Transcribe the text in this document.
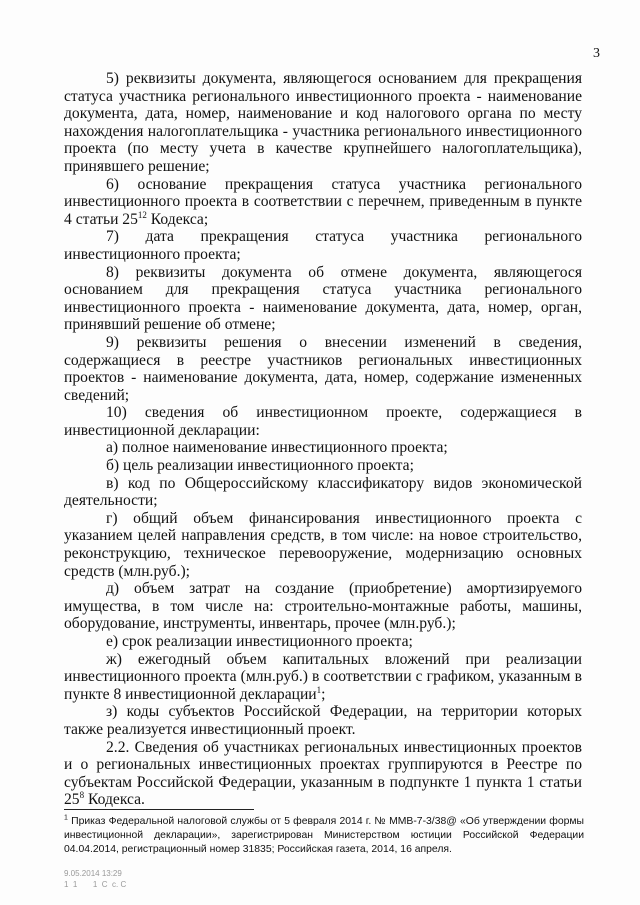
3

5) реквизиты документа, являющегося основанием для прекращения статуса участника регионального инвестиционного проекта - наименование документа, дата, номер, наименование и код налогового органа по месту нахождения налогоплательщика - участника регионального инвестиционного проекта (по месту учета в качестве крупнейшего налогоплательщика), принявшего решение;

6) основание прекращения статуса участника регионального инвестиционного проекта в соответствии с перечнем, приведенным в пункте 4 статьи $25^{12}$ Кодекса;

7) дата прекращения статуса участника регионального инвестиционного проекта;

8) реквизиты документа об отмене документа, являющегося основанием для прекращения статуса участника регионального инвестиционного проекта - наименование документа, дата, номер, орган, принявший решение об отмене;

9) реквизиты решения о внесении изменений в сведения, содержащиеся в реестре участников региональных инвестиционных проектов - наименование документа, дата, номер, содержание измененных сведений;

10) сведения об инвестиционном проекте, содержащиеся в инвестиционной декларации:

а) полное наименование инвестиционного проекта;

б) цель реализации инвестиционного проекта;

в) код по Общероссийскому классификатору видов экономической деятельности;

г) общий объем финансирования инвестиционного проекта с указанием целей направления средств, в том числе: на новое строительство, реконструкцию, техническое перевооружение, модернизацию основных средств (млн.руб.);

д) объем затрат на создание (приобретение) амортизируемого имущества, в том числе на: строительно-монтажные работы, машины, оборудование, инструменты, инвентарь, прочее (млн.руб.);

е) срок реализации инвестиционного проекта;

ж) ежегодный объем капитальных вложений при реализации инвестиционного проекта (млн.руб.) в соответствии с графиком, указанным в пункте 8 инвестиционной декларации$^1$;

з) коды субъектов Российской Федерации, на территории которых также реализуется инвестиционный проект.

2.2. Сведения об участниках региональных инвестиционных проектов и о региональных инвестиционных проектах группируются в Реестре по субъектам Российской Федерации, указанным в подпункте 1 пункта 1 статьи $25^8$ Кодекса.

$^1$ Приказ Федеральной налоговой службы от 5 февраля 2014 г. № ММВ-7-3/38@ «Об утверждении формы инвестиционной декларации», зарегистрирован Министерством юстиции Российской Федерации 04.04.2014, регистрационный номер 31835; Российская газета, 2014, 16 апреля.

9.05.2014 13:29
1  1       1  С  с. С
